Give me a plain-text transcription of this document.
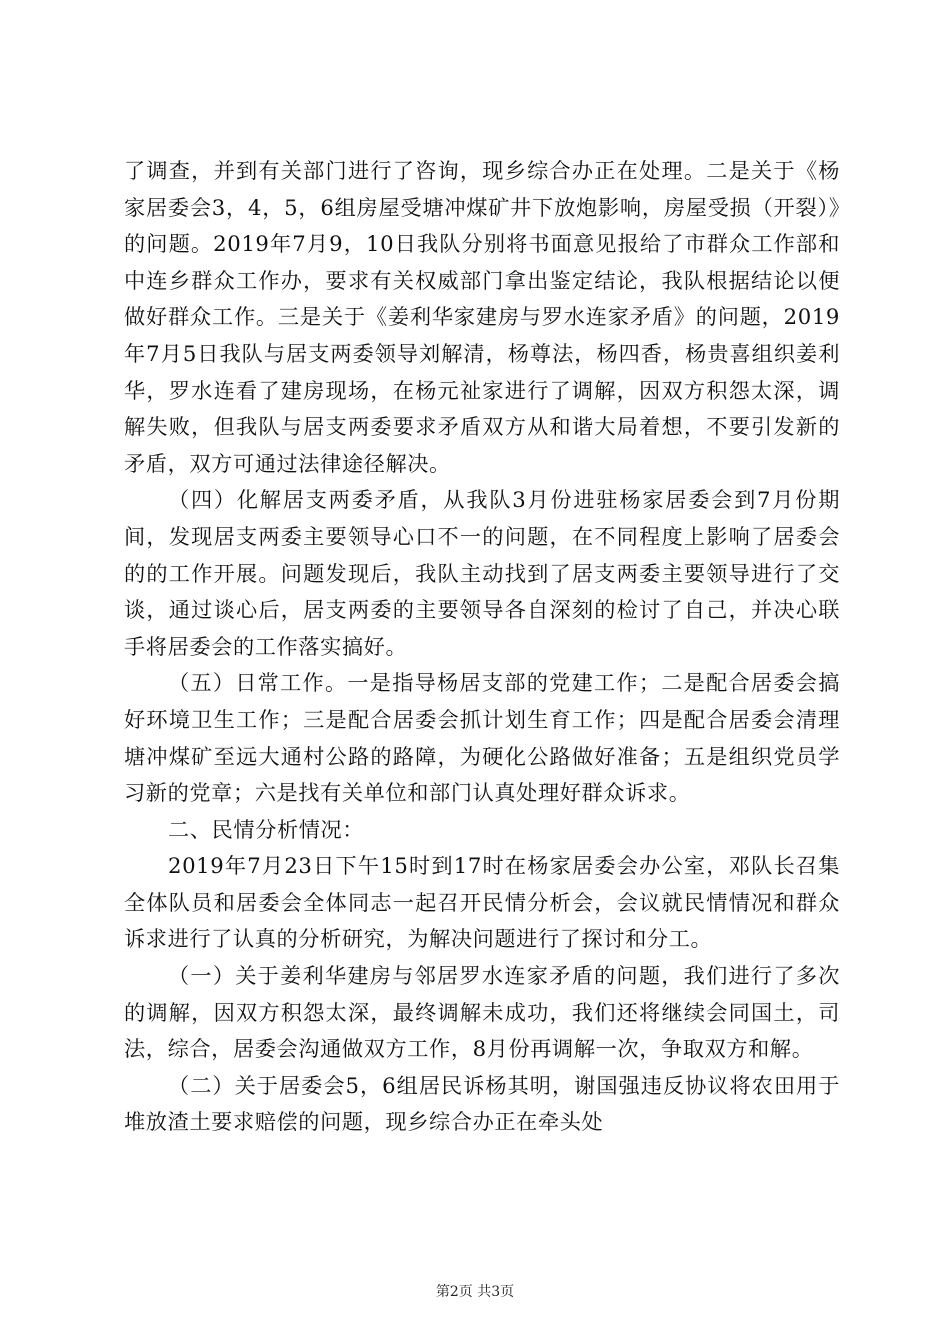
了调查，并到有关部门进行了咨询，现乡综合办正在处理。二是关于《杨家居委会3，4，5，6组房屋受塘冲煤矿井下放炮影响，房屋受损（开裂）》的问题。2019年7月9，10日我队分别将书面意见报给了市群众工作部和中连乡群众工作办，要求有关权威部门拿出鉴定结论，我队根据结论以便做好群众工作。三是关于《姜利华家建房与罗水连家矛盾》的问题，2019年7月5日我队与居支两委领导刘解清，杨尊法，杨四香，杨贵喜组织姜利华，罗水连看了建房现场，在杨元祉家进行了调解，因双方积怨太深，调解失败，但我队与居支两委要求矛盾双方从和谐大局着想，不要引发新的矛盾，双方可通过法律途径解决。

（四）化解居支两委矛盾，从我队3月份进驻杨家居委会到7月份期间，发现居支两委主要领导心口不一的问题，在不同程度上影响了居委会的的工作开展。问题发现后，我队主动找到了居支两委主要领导进行了交谈，通过谈心后，居支两委的主要领导各自深刻的检讨了自己，并决心联手将居委会的工作落实搞好。

（五）日常工作。一是指导杨居支部的党建工作；二是配合居委会搞好环境卫生工作；三是配合居委会抓计划生育工作；四是配合居委会清理塘冲煤矿至远大通村公路的路障，为硬化公路做好准备；五是组织党员学习新的党章；六是找有关单位和部门认真处理好群众诉求。

二、民情分析情况：

2019年7月23日下午15时到17时在杨家居委会办公室，邓队长召集全体队员和居委会全体同志一起召开民情分析会，会议就民情情况和群众诉求进行了认真的分析研究，为解决问题进行了探讨和分工。

（一）关于姜利华建房与邻居罗水连家矛盾的问题，我们进行了多次的调解，因双方积怨太深，最终调解未成功，我们还将继续会同国土，司法，综合，居委会沟通做双方工作，8月份再调解一次，争取双方和解。

（二）关于居委会5，6组居民诉杨其明，谢国强违反协议将农田用于堆放渣土要求赔偿的问题，现乡综合办正在牵头处

第2页 共3页
